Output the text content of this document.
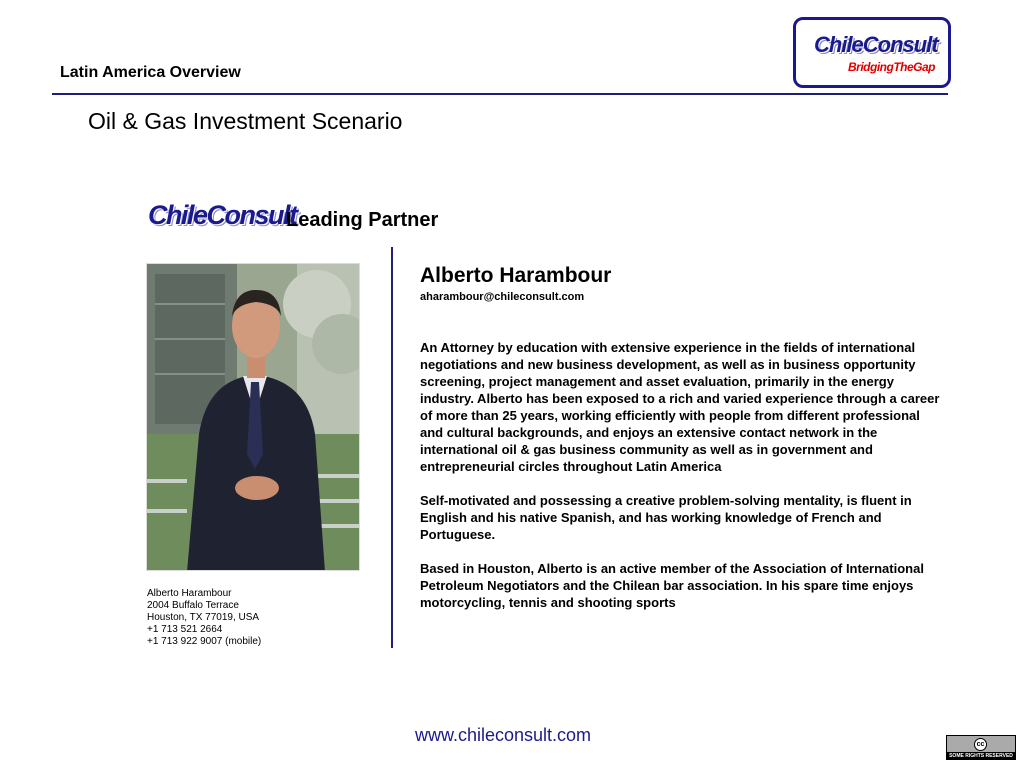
Latin America Overview
ChileConsult
BridgingTheGap
Oil & Gas Investment Scenario
ChileConsult
Leading Partner
Alberto Harambour
2004 Buffalo Terrace
Houston, TX 77019, USA
+1 713 521 2664
+1 713 922 9007 (mobile)
Alberto Harambour
aharambour@chileconsult.com

An Attorney by education with extensive experience in the fields of international negotiations and new business development, as well as in business opportunity screening, project management and asset evaluation, primarily in the energy industry. Alberto has been exposed to a rich and varied experience through a career of more than 25 years, working efficiently with people from different professional and cultural backgrounds, and enjoys an extensive contact network in the international oil & gas business community as well as in government and entrepreneurial circles throughout Latin America

Self-motivated and possessing a creative problem-solving mentality, is fluent in English and his native Spanish, and has working knowledge of French and Portuguese.

Based in Houston, Alberto is an active member of the Association of International Petroleum Negotiators and the Chilean bar association. In his spare time enjoys motorcycling, tennis and shooting sports

www.chileconsult.com	cc
SOME RIGHTS RESERVED
